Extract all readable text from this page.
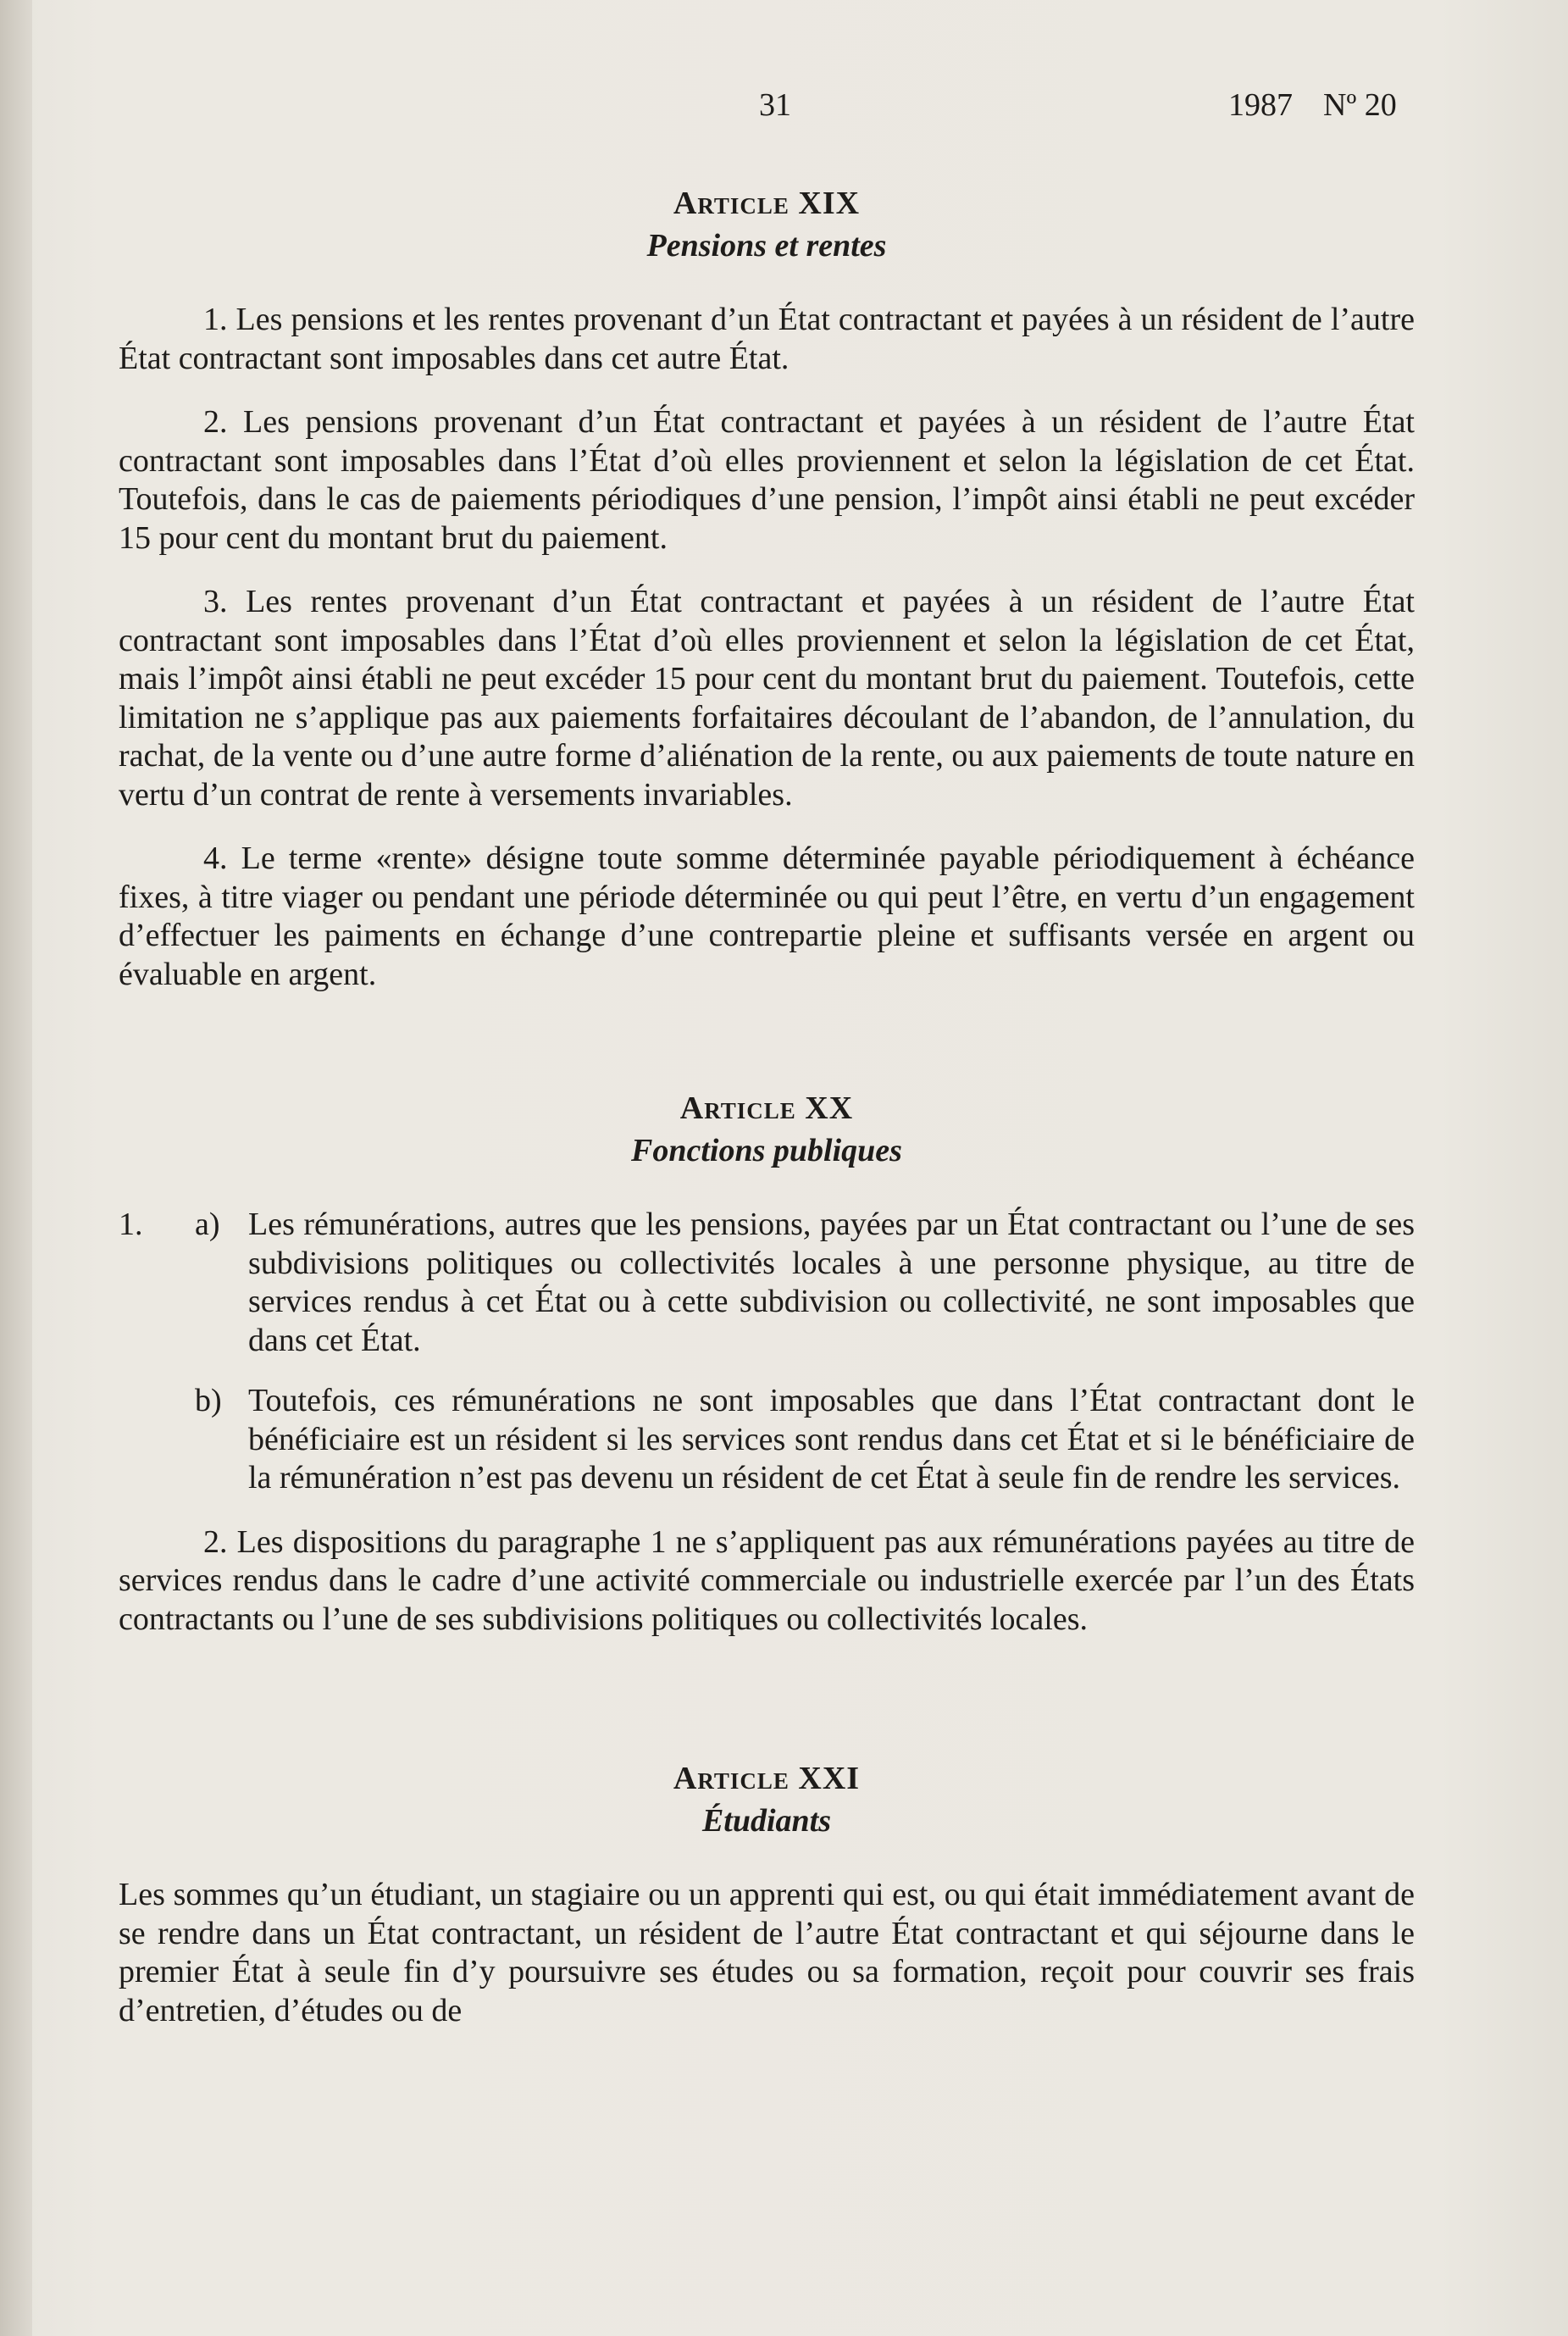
31	1987 Nº 20
Article XIX
Pensions et rentes

1. Les pensions et les rentes provenant d’un État contractant et payées à un résident de l’autre État contractant sont imposables dans cet autre État.

2. Les pensions provenant d’un État contractant et payées à un résident de l’autre État contractant sont imposables dans l’État d’où elles proviennent et selon la législation de cet État. Toutefois, dans le cas de paiements périodiques d’une pension, l’impôt ainsi établi ne peut excéder 15 pour cent du montant brut du paiement.

3. Les rentes provenant d’un État contractant et payées à un résident de l’autre État contractant sont imposables dans l’État d’où elles proviennent et selon la législation de cet État, mais l’impôt ainsi établi ne peut excéder 15 pour cent du montant brut du paiement. Toutefois, cette limitation ne s’applique pas aux paiements forfaitaires découlant de l’abandon, de l’annulation, du rachat, de la vente ou d’une autre forme d’aliénation de la rente, ou aux paiements de toute nature en vertu d’un contrat de rente à versements invariables.

4. Le terme «rente» désigne toute somme déterminée payable périodiquement à échéance fixes, à titre viager ou pendant une période déterminée ou qui peut l’être, en vertu d’un engagement d’effectuer les paiments en échange d’une contrepartie pleine et suffisants versée en argent ou évaluable en argent.

Article XX
Fonctions publiques
1. a) Les rémunérations, autres que les pensions, payées par un État contractant ou l’une de ses subdivisions politiques ou collectivités locales à une personne physique, au titre de services rendus à cet État ou à cette subdivision ou collectivité, ne sont imposables que dans cet État.

b) Toutefois, ces rémunérations ne sont imposables que dans l’État contractant dont le bénéficiaire est un résident si les services sont rendus dans cet État et si le bénéficiaire de la rémunération n’est pas devenu un résident de cet État à seule fin de rendre les services.

2. Les dispositions du paragraphe 1 ne s’appliquent pas aux rémunérations payées au titre de services rendus dans le cadre d’une activité commerciale ou industrielle exercée par l’un des États contractants ou l’une de ses subdivisions politiques ou collectivités locales.

Article XXI
Étudiants

Les sommes qu’un étudiant, un stagiaire ou un apprenti qui est, ou qui était immédiatement avant de se rendre dans un État contractant, un résident de l’autre État contractant et qui séjourne dans le premier État à seule fin d’y poursuivre ses études ou sa formation, reçoit pour couvrir ses frais d’entretien, d’études ou de
